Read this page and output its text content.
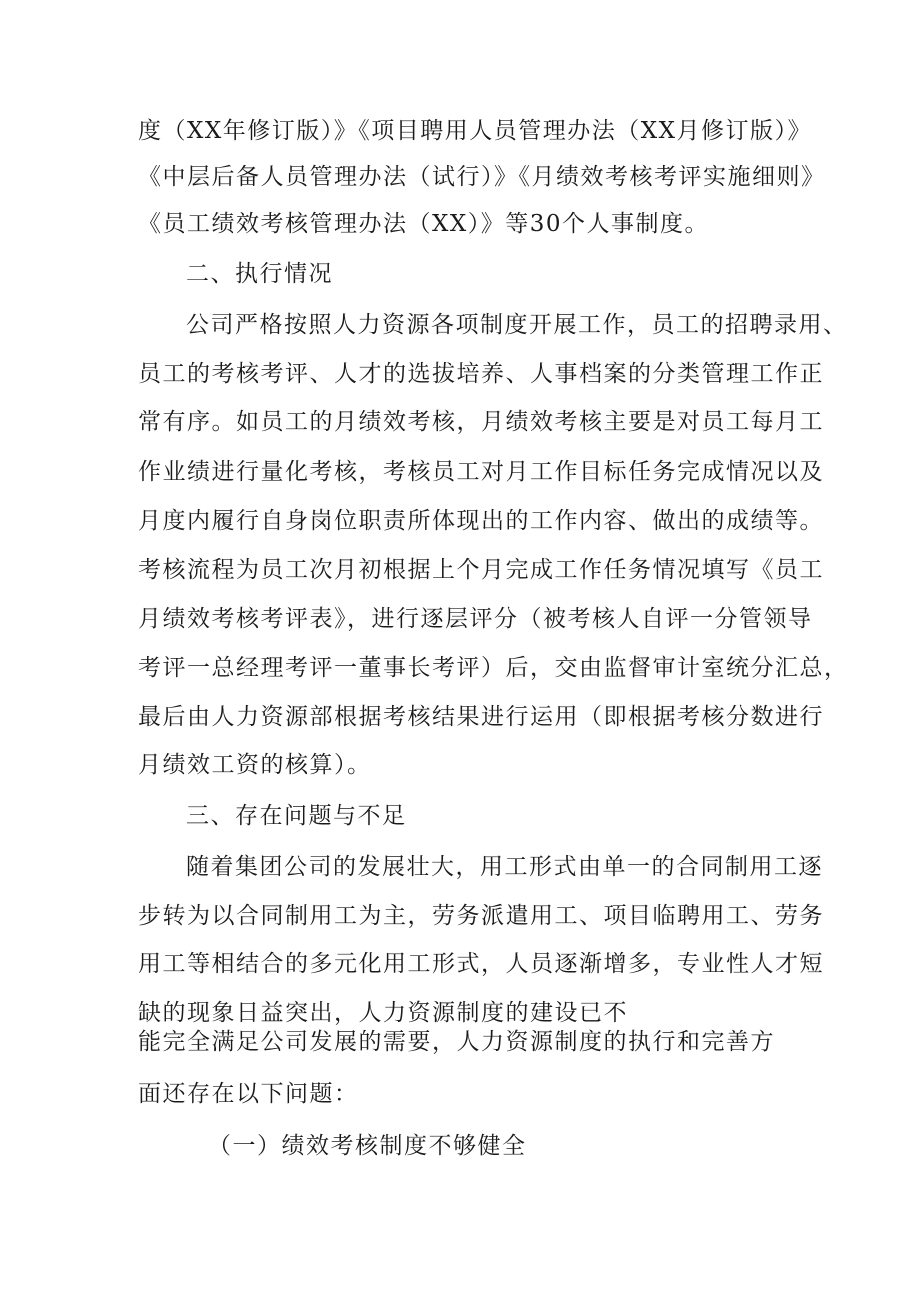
度（XX年修订版）》《项目聘用人员管理办法（XX月修订版）》
《中层后备人员管理办法（试行）》《月绩效考核考评实施细则》
《员工绩效考核管理办法（XX）》等30个人事制度。
二、执行情况
公司严格按照人力资源各项制度开展工作，员工的招聘录用、
员工的考核考评、人才的选拔培养、人事档案的分类管理工作正
常有序。如员工的月绩效考核，月绩效考核主要是对员工每月工
作业绩进行量化考核，考核员工对月工作目标任务完成情况以及
月度内履行自身岗位职责所体现出的工作内容、做出的成绩等。
考核流程为员工次月初根据上个月完成工作任务情况填写《员工
月绩效考核考评表》，进行逐层评分（被考核人自评一分管领导
考评一总经理考评一董事长考评）后，交由监督审计室统分汇总，
最后由人力资源部根据考核结果进行运用（即根据考核分数进行
月绩效工资的核算）。
三、存在问题与不足
随着集团公司的发展壮大，用工形式由单一的合同制用工逐
步转为以合同制用工为主，劳务派遣用工、项目临聘用工、劳务
用工等相结合的多元化用工形式，人员逐渐增多，专业性人才短
缺的现象日益突出，人力资源制度的建设已不
能完全满足公司发展的需要，人力资源制度的执行和完善方
面还存在以下问题：
（一）绩效考核制度不够健全
